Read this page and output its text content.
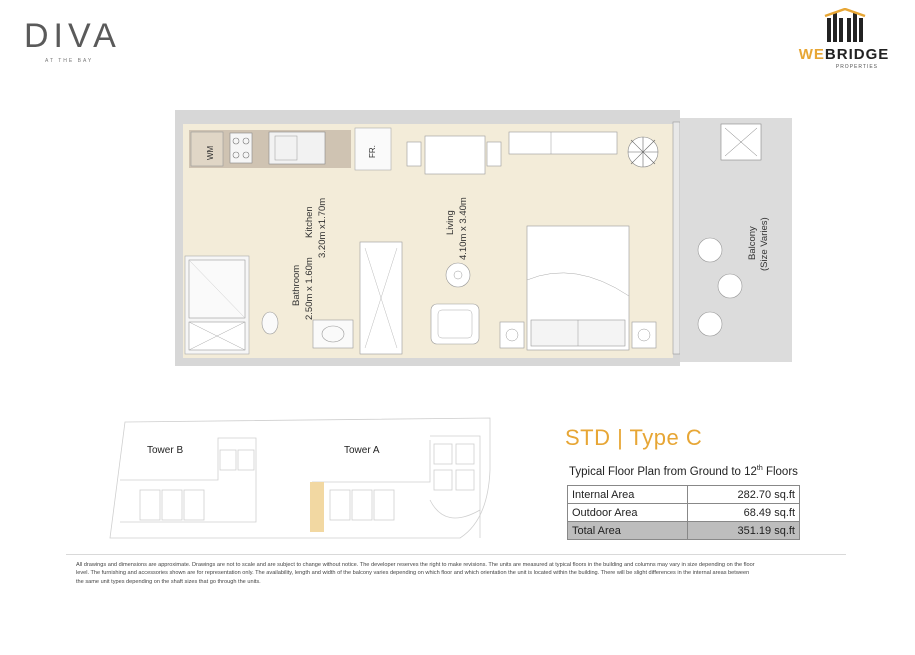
DIVA
AT THE BAY	WEBRIDGE
PROPERTIES
WM	FR.
Kitchen 3.20m x1.70m
Bathroom 2.50m x 1.60m
Living 4.10m x 3.40m	Balcony (Size Varies)
Tower B	Tower A
STD | Type C
Typical Floor Plan from Ground to 12th Floors
Internal Area	282.70 sq.ft
Outdoor Area	68.49 sq.ft
Total Area	351.19 sq.ft
All drawings and dimensions are approximate. Drawings are not to scale and are subject to change without notice. The developer reserves the right to make revisions. The units are measured at typical floors in the building and columns may vary in size depending on the floor level. The furnishing and accessories shown are for representation only. The availability, length and width of the balcony varies depending on which floor and which orientation the unit is located within the building. There will be slight differences in the internal areas between the same unit types depending on the shaft sizes that go through the units.
